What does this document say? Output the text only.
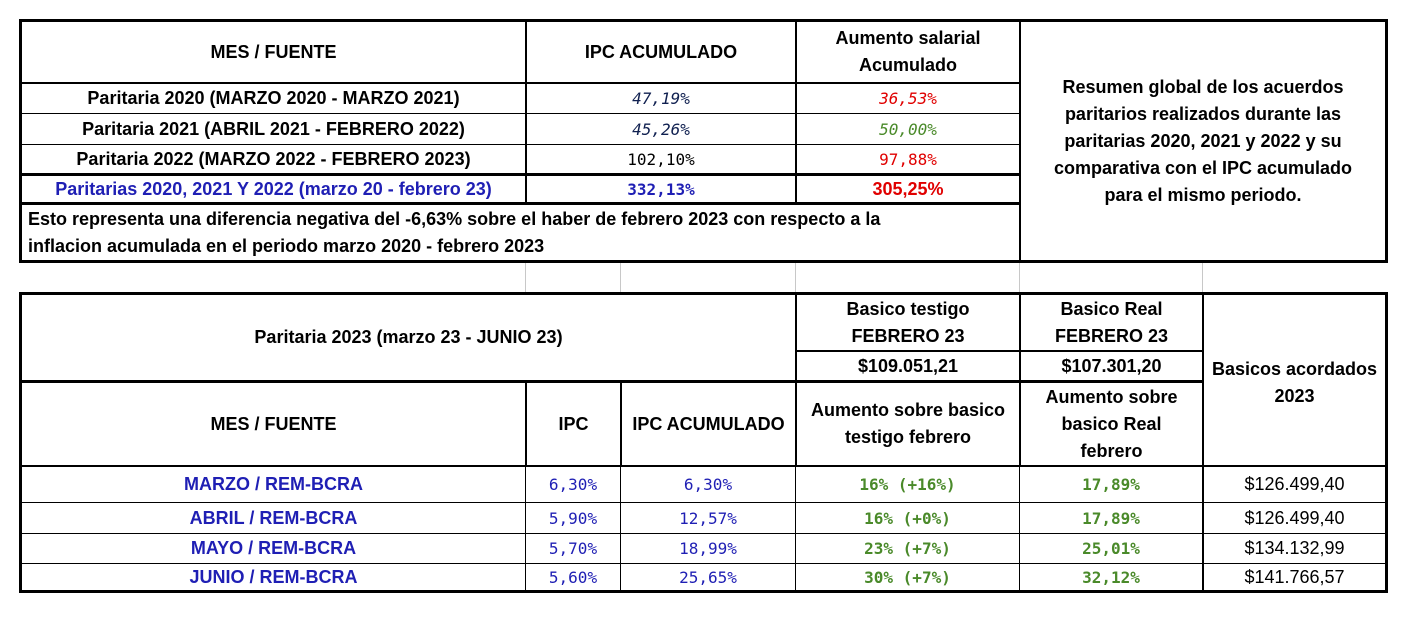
MES / FUENTE	IPC ACUMULADO
Aumento salarial
Acumulado
Paritaria 2020 (MARZO 2020 - MARZO 2021)	47,19%	36,53%
Paritaria 2021 (ABRIL 2021 - FEBRERO 2022)	45,26%	50,00%
Paritaria 2022 (MARZO 2022 - FEBRERO 2023)	102,10%	97,88%
Paritarias 2020, 2021 Y 2022 (marzo 20 - febrero 23)	332,13%	305,25%
Esto representa una diferencia negativa del -6,63% sobre el haber de febrero 2023 con respecto a la
inflacion acumulada en el periodo marzo 2020 - febrero 2023
Resumen global de los acuerdos
paritarios realizados durante las
paritarias 2020, 2021 y 2022 y su
comparativa con el IPC acumulado
para el mismo periodo.
Paritaria 2023 (marzo 23 - JUNIO 23)
Basico testigo
FEBRERO 23
$109.051,21
Basico Real
FEBRERO 23
$107.301,20	Basicos acordados
2023
MES / FUENTE	IPC	IPC ACUMULADO
Aumento sobre basico
testigo febrero
Aumento sobre
basico Real
febrero
MARZO / REM-BCRA	6,30%	6,30%	16% (+16%)	17,89%	$126.499,40
ABRIL / REM-BCRA	5,90%	12,57%	16% (+0%)	17,89%	$126.499,40
MAYO / REM-BCRA	5,70%	18,99%	23% (+7%)	25,01%	$134.132,99
JUNIO / REM-BCRA	5,60%	25,65%	30% (+7%)	32,12%	$141.766,57
